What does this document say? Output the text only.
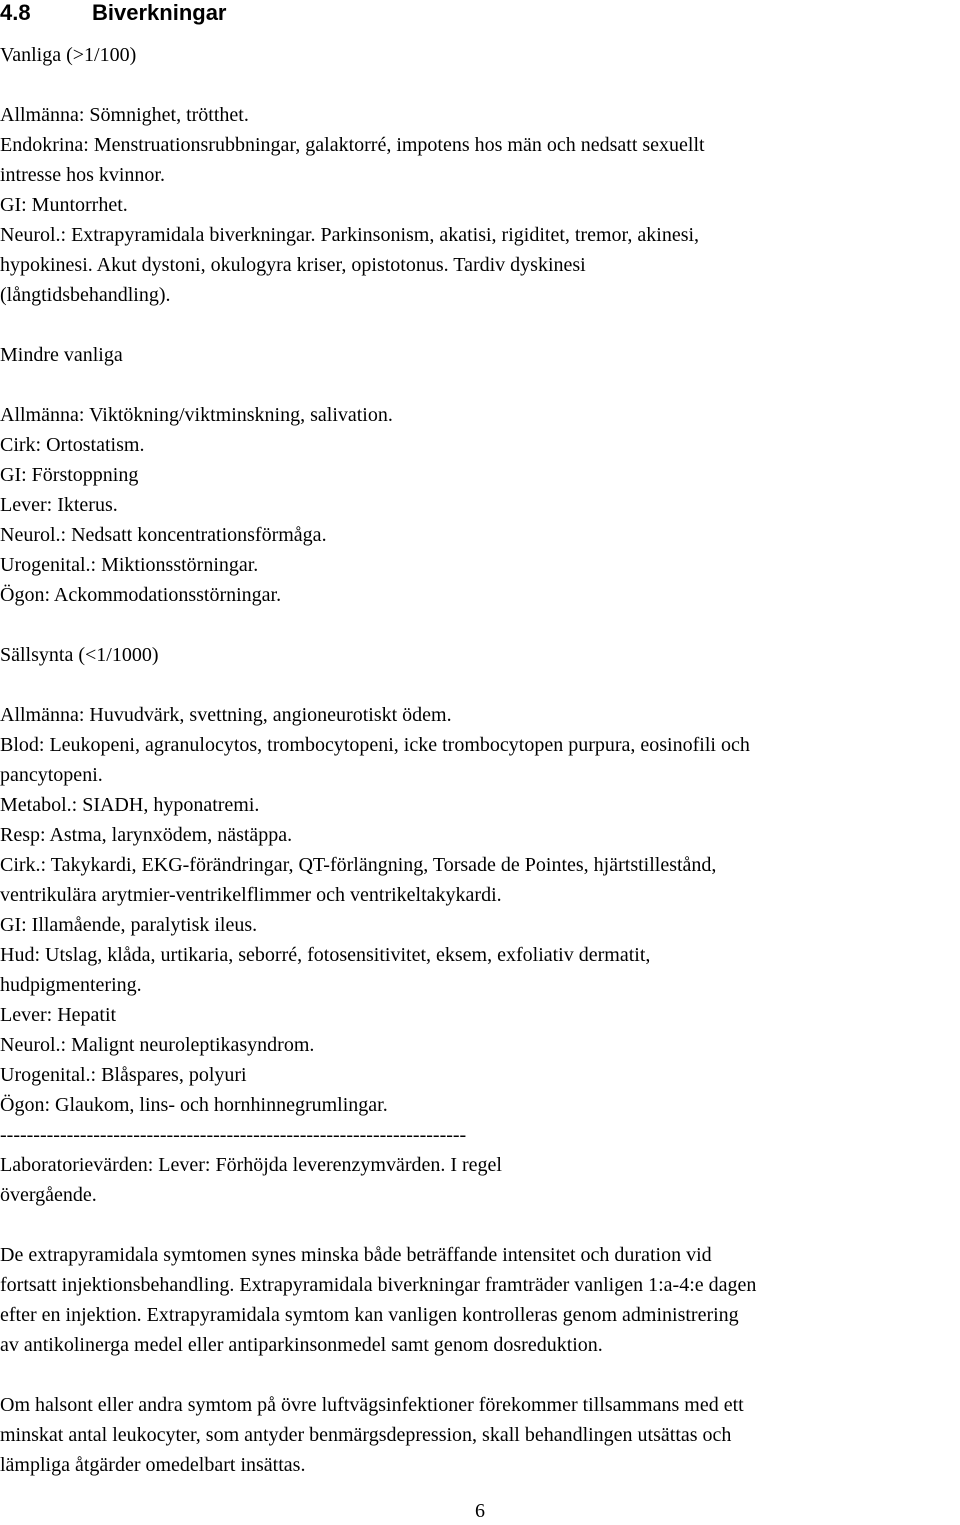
4.8	Biverkningar

Vanliga (>1/100)

Allmänna: Sömnighet, trötthet.
Endokrina: Menstruationsrubbningar, galaktorré, impotens hos män och nedsatt sexuellt
intresse hos kvinnor.
GI: Muntorrhet.
Neurol.: Extrapyramidala biverkningar. Parkinsonism, akatisi, rigiditet, tremor, akinesi,
hypokinesi. Akut dystoni, okulogyra kriser, opistotonus. Tardiv dyskinesi
(långtidsbehandling).

Mindre vanliga

Allmänna: Viktökning/viktminskning, salivation.
Cirk: Ortostatism.
GI: Förstoppning
Lever: Ikterus.
Neurol.: Nedsatt koncentrationsförmåga.
Urogenital.: Miktionsstörningar.
Ögon: Ackommodationsstörningar.

Sällsynta (<1/1000)

Allmänna: Huvudvärk, svettning, angioneurotiskt ödem.
Blod: Leukopeni, agranulocytos, trombocytopeni, icke trombocytopen purpura, eosinofili och
pancytopeni.
Metabol.: SIADH, hyponatremi.
Resp: Astma, larynxödem, nästäppa.
Cirk.: Takykardi, EKG-förändringar, QT-förlängning, Torsade de Pointes, hjärtstillestånd,
ventrikulära arytmier-ventrikelflimmer och ventrikeltakykardi.
GI: Illamående, paralytisk ileus.
Hud: Utslag, klåda, urtikaria, seborré, fotosensitivitet, eksem, exfoliativ dermatit,
hudpigmentering.
Lever: Hepatit
Neurol.: Malignt neuroleptikasyndrom.
Urogenital.: Blåspares, polyuri
Ögon: Glaukom, lins- och hornhinnegrumlingar.

----------------------------------------------------------------------

Laboratorievärden: Lever: Förhöjda leverenzymvärden. I regel
övergående.

De extrapyramidala symtomen synes minska både beträffande intensitet och duration vid
fortsatt injektionsbehandling. Extrapyramidala biverkningar framträder vanligen 1:a-4:e dagen
efter en injektion. Extrapyramidala symtom kan vanligen kontrolleras genom administrering
av antikolinerga medel eller antiparkinsonmedel samt genom dosreduktion.

Om halsont eller andra symtom på övre luftvägsinfektioner förekommer tillsammans med ett
minskat antal leukocyter, som antyder benmärgsdepression, skall behandlingen utsättas och
lämpliga åtgärder omedelbart insättas.

6
